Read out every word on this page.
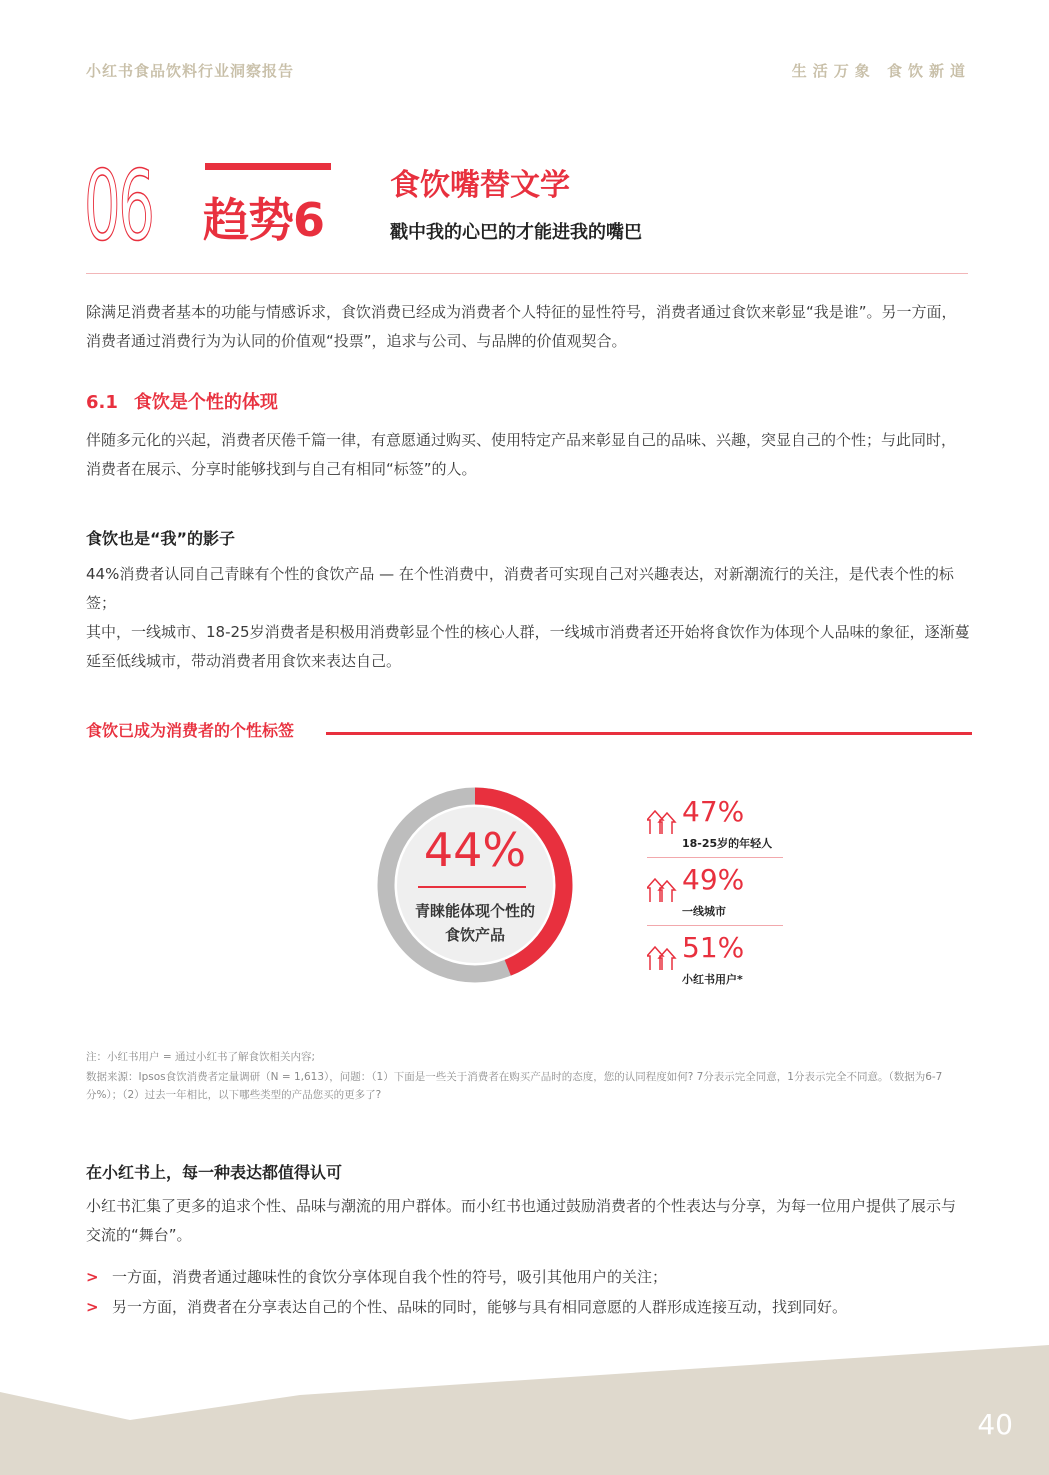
小红书食品饮料行业洞察报告	生活万象 食饮新道
06 趋势6
食饮嘴替文学
戳中我的心巴的才能进我的嘴巴
除满足消费者基本的功能与情感诉求，食饮消费已经成为消费者个人特征的显性符号，消费者通过食饮来彰显“我是谁”。另一方面，消费者通过消费行为为认同的价值观“投票”，追求与公司、与品牌的价值观契合。
6.1 食饮是个性的体现
伴随多元化的兴起，消费者厌倦千篇一律，有意愿通过购买、使用特定产品来彰显自己的品味、兴趣，突显自己的个性；与此同时，消费者在展示、分享时能够找到与自己有相同“标签”的人。
食饮也是“我”的影子
44%消费者认同自己青睐有个性的食饮产品 — 在个性消费中，消费者可实现自己对兴趣表达，对新潮流行的关注，是代表个性的标签；
其中，一线城市、18-25岁消费者是积极用消费彰显个性的核心人群，一线城市消费者还开始将食饮作为体现个人品味的象征，逐渐蔓延至低线城市，带动消费者用食饮来表达自己。
食饮已成为消费者的个性标签
44%
青睐能体现个性的
食饮产品
47%
18-25岁的年轻人
49%
一线城市
51%
小红书用户*
注：小红书用户 = 通过小红书了解食饮相关内容;
数据来源：Ipsos食饮消费者定量调研（N = 1,613），问题：（1）下面是一些关于消费者在购买产品时的态度，您的认同程度如何? 7分表示完全同意，1分表示完全不同意。（数据为6-7分%）；（2）过去一年相比，以下哪些类型的产品您买的更多了?
在小红书上，每一种表达都值得认可
小红书汇集了更多的追求个性、品味与潮流的用户群体。而小红书也通过鼓励消费者的个性表达与分享，为每一位用户提供了展示与交流的“舞台”。
> 一方面，消费者通过趣味性的食饮分享体现自我个性的符号，吸引其他用户的关注；
> 另一方面，消费者在分享表达自己的个性、品味的同时，能够与具有相同意愿的人群形成连接互动，找到同好。
40
